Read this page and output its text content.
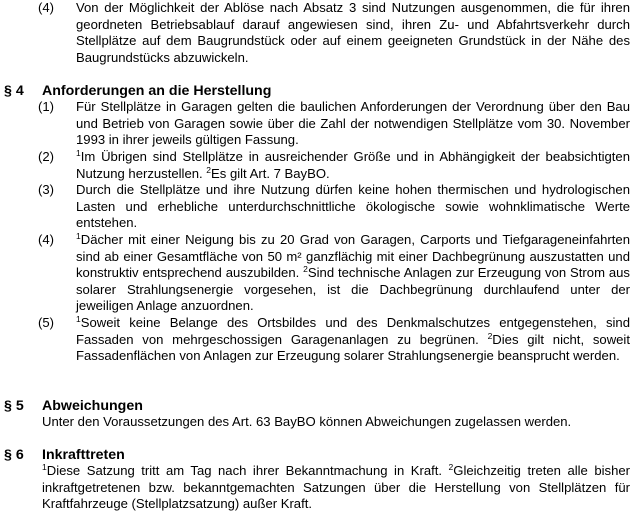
(4)	Von der Möglichkeit der Ablöse nach Absatz 3 sind Nutzungen ausgenommen, die für ihren geordneten Betriebsablauf darauf angewiesen sind, ihren Zu- und Abfahrtsverkehr durch Stellplätze auf dem Baugrundstück oder auf einem geeigneten Grundstück in der Nähe des Baugrundstücks abzuwickeln.
§ 4	Anforderungen an die Herstellung
(1)	Für Stellplätze in Garagen gelten die baulichen Anforderungen der Verordnung über den Bau und Betrieb von Garagen sowie über die Zahl der notwendigen Stellplätze vom 30. November 1993 in ihrer jeweils gültigen Fassung.
(2)	$^1$Im Übrigen sind Stellplätze in ausreichender Größe und in Abhängigkeit der beabsichtigten Nutzung herzustellen. $^2$Es gilt Art. 7 BayBO.
(3)	Durch die Stellplätze und ihre Nutzung dürfen keine hohen thermischen und hydrologischen Lasten und erhebliche unterdurchschnittliche ökologische sowie wohnklimatische Werte entstehen.
(4)	$^1$Dächer mit einer Neigung bis zu 20 Grad von Garagen, Carports und Tiefgarageneinfahrten sind ab einer Gesamtfläche von 50 m² ganzflächig mit einer Dachbegrünung auszustatten und konstruktiv entsprechend auszubilden. $^2$Sind technische Anlagen zur Erzeugung von Strom aus solarer Strahlungsenergie vorgesehen, ist die Dachbegrünung durchlaufend unter der jeweiligen Anlage anzuordnen.
(5)	$^1$Soweit keine Belange des Ortsbildes und des Denkmalschutzes entgegenstehen, sind Fassaden von mehrgeschossigen Garagenanlagen zu begrünen. $^2$Dies gilt nicht, soweit Fassadenflächen von Anlagen zur Erzeugung solarer Strahlungsenergie beansprucht werden.
§ 5	Abweichungen
Unter den Voraussetzungen des Art. 63 BayBO können Abweichungen zugelassen werden.
§ 6	Inkrafttreten
$^1$Diese Satzung tritt am Tag nach ihrer Bekanntmachung in Kraft. $^2$Gleichzeitig treten alle bisher inkraftgetretenen bzw. bekanntgemachten Satzungen über die Herstellung von Stellplätzen für Kraftfahrzeuge (Stellplatzsatzung) außer Kraft.
